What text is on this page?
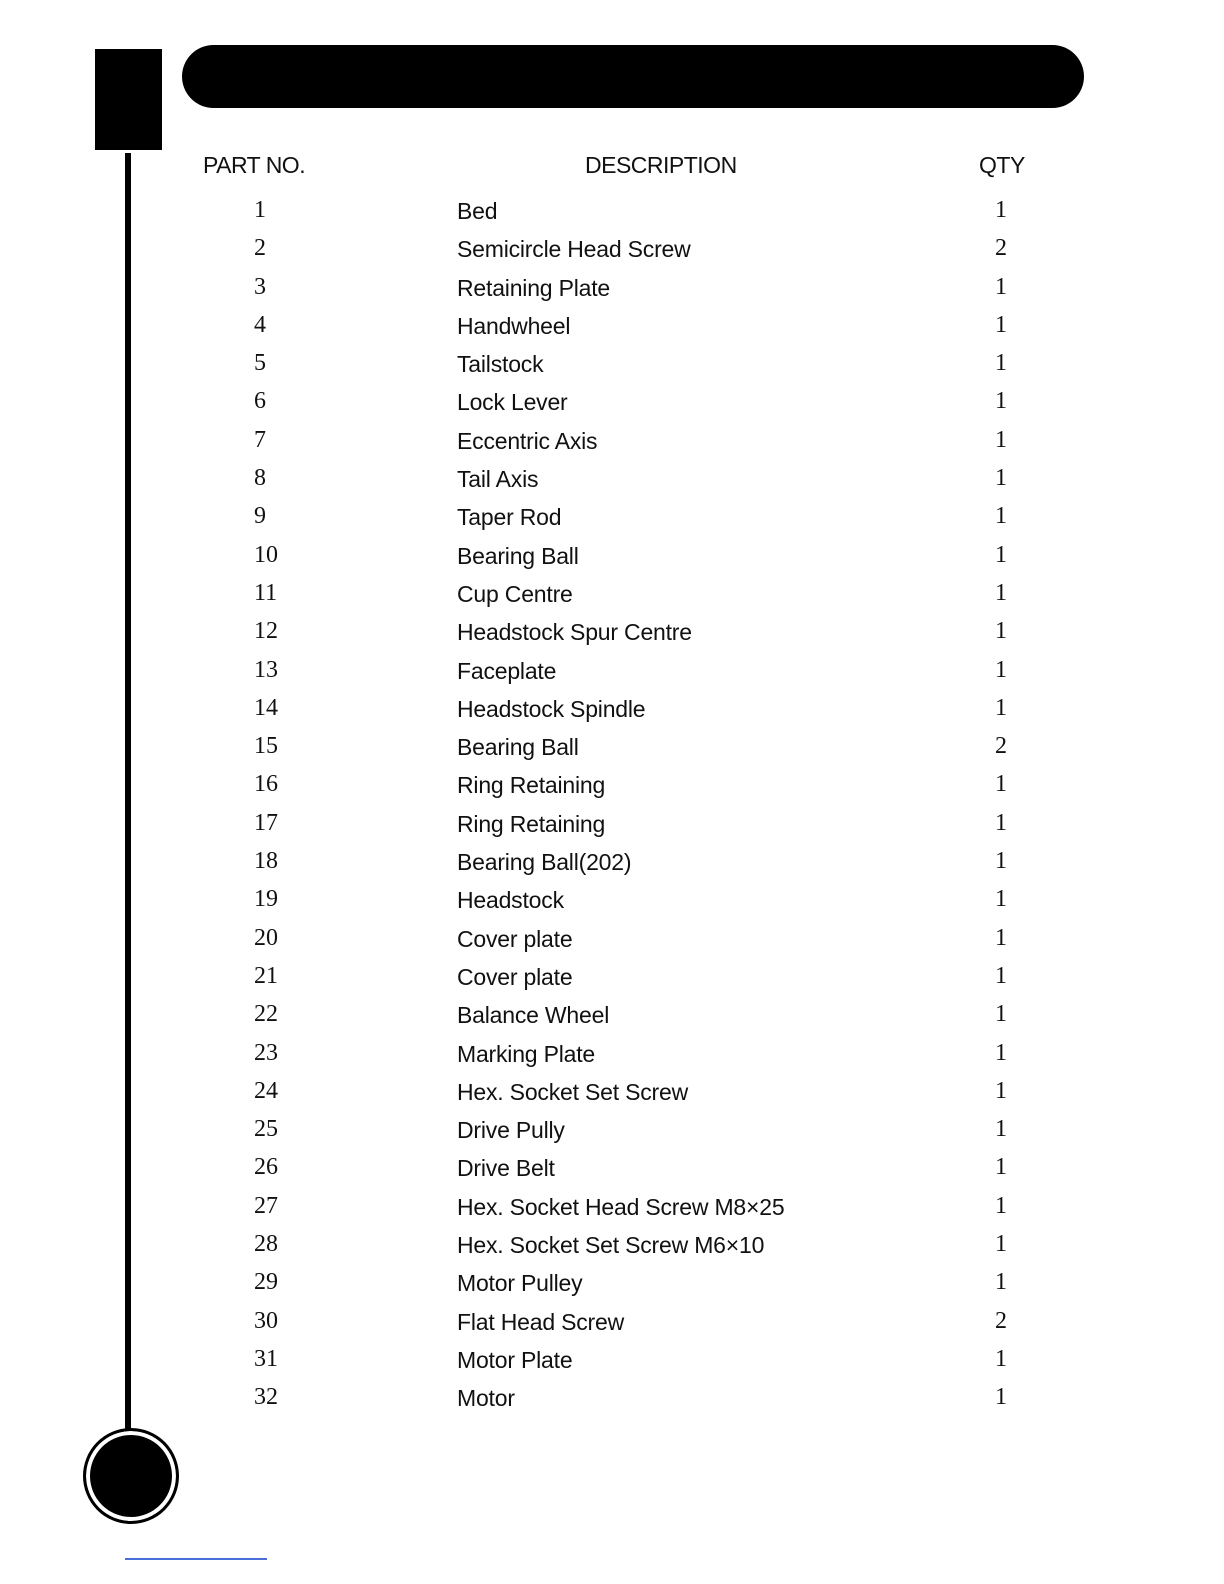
PART NO.	DESCRIPTION	QTY
1	Bed	1
2	Semicircle Head Screw	2
3	Retaining Plate	1
4	Handwheel	1
5	Tailstock	1
6	Lock Lever	1
7	Eccentric Axis	1
8	Tail Axis	1
9	Taper Rod	1
10	Bearing Ball	1
11	Cup Centre	1
12	Headstock Spur Centre	1
13	Faceplate	1
14	Headstock Spindle	1
15	Bearing Ball	2
16	Ring Retaining	1
17	Ring Retaining	1
18	Bearing Ball(202)	1
19	Headstock	1
20	Cover plate	1
21	Cover plate	1
22	Balance Wheel	1
23	Marking Plate	1
24	Hex. Socket Set Screw	1
25	Drive Pully	1
26	Drive Belt	1
27	Hex. Socket Head Screw M8×25	1
28	Hex. Socket Set Screw M6×10	1
29	Motor Pulley	1
30	Flat Head Screw	2
31	Motor Plate	1
32	Motor	1
